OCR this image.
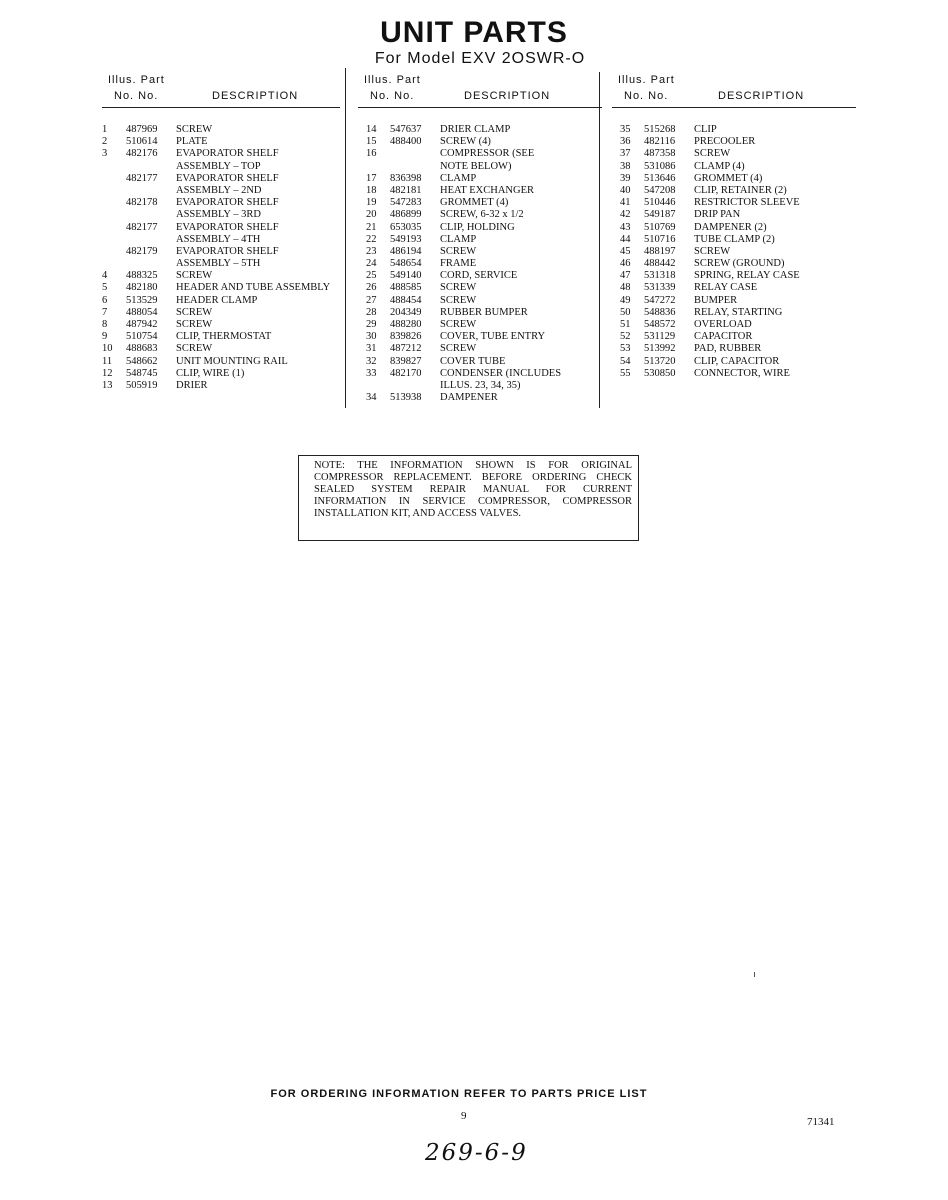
UNIT PARTS
For Model EXV 2OSWR-O
Illus. Part
No. No.	DESCRIPTION
1 487969 SCREW
2 510614 PLATE
3 482176 EVAPORATOR SHELF
ASSEMBLY – TOP
482177 EVAPORATOR SHELF
ASSEMBLY – 2ND
482178 EVAPORATOR SHELF
ASSEMBLY – 3RD
482177 EVAPORATOR SHELF
ASSEMBLY – 4TH
482179 EVAPORATOR SHELF
ASSEMBLY – 5TH
4 488325 SCREW
5 482180 HEADER AND TUBE ASSEMBLY
6 513529 HEADER CLAMP
7 488054 SCREW
8 487942 SCREW
9 510754 CLIP, THERMOSTAT
10 488683 SCREW
11 548662 UNIT MOUNTING RAIL
12 548745 CLIP, WIRE (1)
13 505919 DRIER
Illus. Part
No. No.	DESCRIPTION
14 547637 DRIER CLAMP
15 488400 SCREW (4)
16	COMPRESSOR (SEE
NOTE BELOW)
17 836398 CLAMP
18 482181 HEAT EXCHANGER
19 547283 GROMMET (4)
20 486899 SCREW, 6-32 x 1/2
21 653035 CLIP, HOLDING
22 549193 CLAMP
23 486194 SCREW
24 548654 FRAME
25 549140 CORD, SERVICE
26 488585 SCREW
27 488454 SCREW
28 204349 RUBBER BUMPER
29 488280 SCREW
30 839826 COVER, TUBE ENTRY
31 487212 SCREW
32 839827 COVER TUBE
33 482170 CONDENSER (INCLUDES
ILLUS. 23, 34, 35)
34 513938 DAMPENER
Illus. Part
No. No.	DESCRIPTION
35 515268 CLIP
36 482116 PRECOOLER
37 487358 SCREW
38 531086 CLAMP (4)
39 513646 GROMMET (4)
40 547208 CLIP, RETAINER (2)
41 510446 RESTRICTOR SLEEVE
42 549187 DRIP PAN
43 510769 DAMPENER (2)
44 510716 TUBE CLAMP (2)
45 488197 SCREW
46 488442 SCREW (GROUND)
47 531318 SPRING, RELAY CASE
48 531339 RELAY CASE
49 547272 BUMPER
50 548836 RELAY, STARTING
51 548572 OVERLOAD
52 531129 CAPACITOR
53 513992 PAD, RUBBER
54 513720 CLIP, CAPACITOR
55 530850 CONNECTOR, WIRE
NOTE: THE INFORMATION SHOWN IS FOR ORIGINAL COMPRESSOR REPLACEMENT. BEFORE ORDERING CHECK SEALED SYSTEM REPAIR MANUAL FOR CURRENT INFORMATION IN SERVICE COMPRESSOR, COMPRESSOR INSTALLATION KIT, AND ACCESS VALVES.
FOR ORDERING INFORMATION REFER TO PARTS PRICE LIST
9	71341
269-6-9
